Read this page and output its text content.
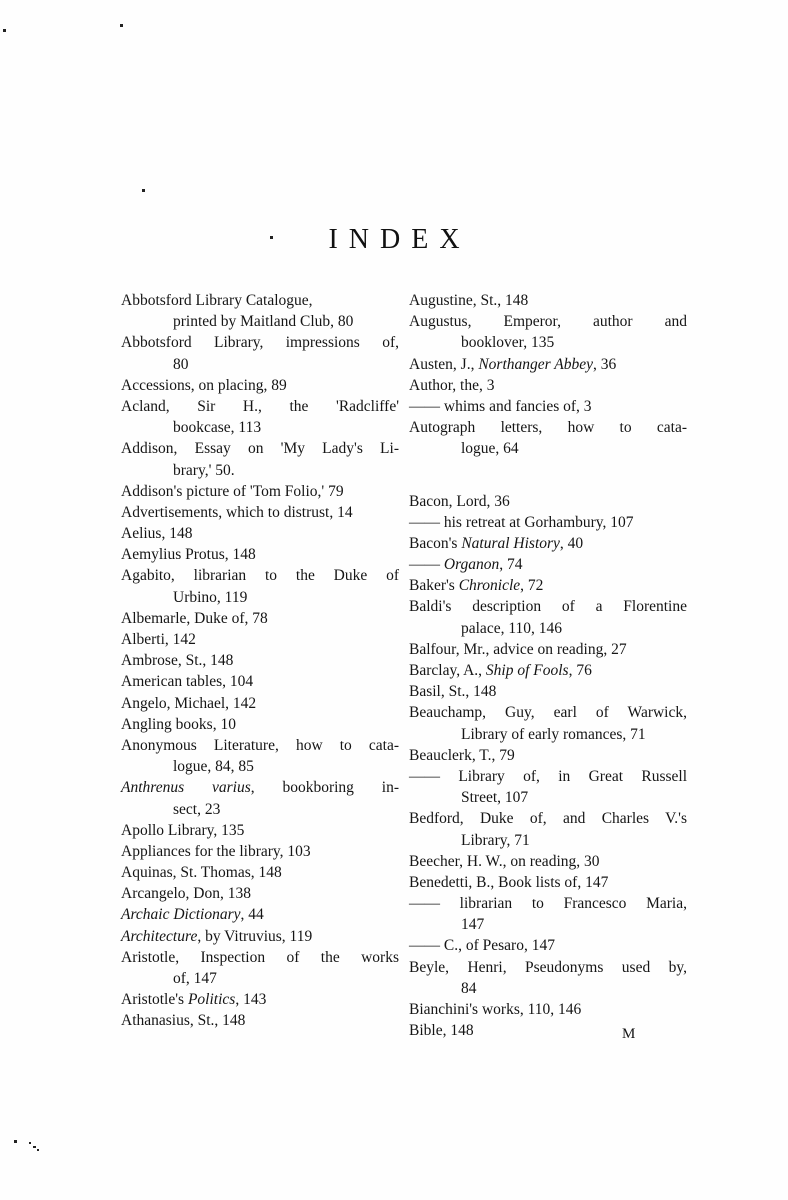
INDEX
Abbotsford Library Catalogue,
printed by Maitland Club, 80
Abbotsford Library, impressions of,
80
Accessions, on placing, 89
Acland, Sir H., the 'Radcliffe'
bookcase, 113
Addison, Essay on 'My Lady's Li-
brary,' 50.
Addison's picture of 'Tom Folio,' 79
Advertisements, which to distrust, 14
Aelius, 148
Aemylius Protus, 148
Agabito, librarian to the Duke of
Urbino, 119
Albemarle, Duke of, 78
Alberti, 142
Ambrose, St., 148
American tables, 104
Angelo, Michael, 142
Angling books, 10
Anonymous Literature, how to cata-
logue, 84, 85
Anthrenus varius, bookboring in-
sect, 23
Apollo Library, 135
Appliances for the library, 103
Aquinas, St. Thomas, 148
Arcangelo, Don, 138
Archaic Dictionary, 44
Architecture, by Vitruvius, 119
Aristotle, Inspection of the works
of, 147
Aristotle's Politics, 143
Athanasius, St., 148
Augustine, St., 148
Augustus, Emperor, author and
booklover, 135
Austen, J., Northanger Abbey, 36
Author, the, 3
—— whims and fancies of, 3
Autograph letters, how to cata-
logue, 64
Bacon, Lord, 36
—— his retreat at Gorhambury, 107
Bacon's Natural History, 40
—— Organon, 74
Baker's Chronicle, 72
Baldi's description of a Florentine
palace, 110, 146
Balfour, Mr., advice on reading, 27
Barclay, A., Ship of Fools, 76
Basil, St., 148
Beauchamp, Guy, earl of Warwick,
Library of early romances, 71
Beauclerk, T., 79
—— Library of, in Great Russell
Street, 107
Bedford, Duke of, and Charles V.'s
Library, 71
Beecher, H. W., on reading, 30
Benedetti, B., Book lists of, 147
—— librarian to Francesco Maria,
147
—— C., of Pesaro, 147
Beyle, Henri, Pseudonyms used by,
84
Bianchini's works, 110, 146
Bible, 148	M
